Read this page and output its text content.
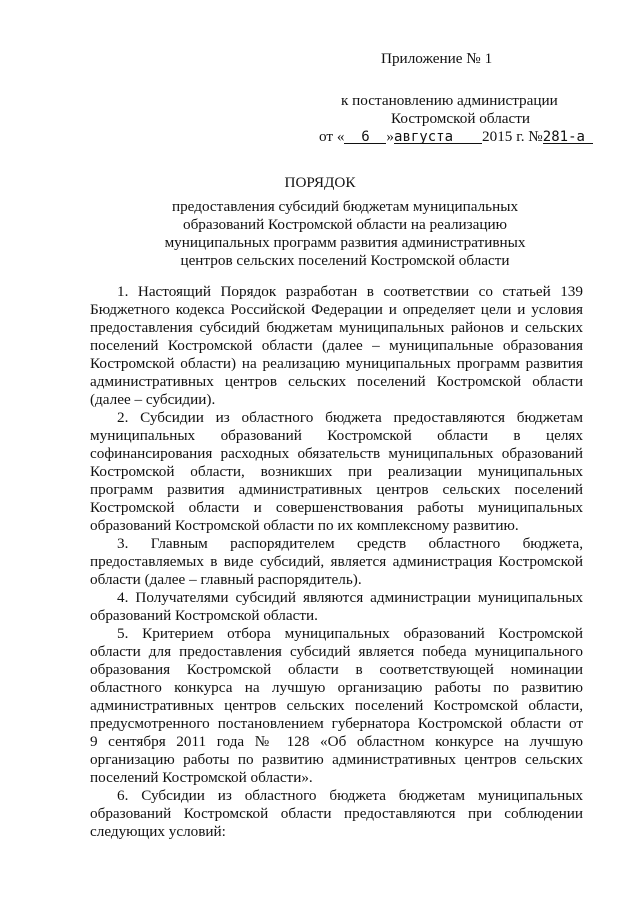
Приложение № 1
к постановлению администрации
Костромской области
от « 6 »августа 2015 г. №281-а
ПОРЯДОК
предоставления субсидий бюджетам муниципальных
образований Костромской области на реализацию
муниципальных программ развития административных
центров сельских поселений Костромской области
1. Настоящий Порядок разработан в соответствии со статьей 139
Бюджетного кодекса Российской Федерации и определяет цели и условия
предоставления субсидий бюджетам муниципальных районов и сельских
поселений Костромской области (далее – муниципальные образования
Костромской области) на реализацию муниципальных программ развития
административных центров сельских поселений Костромской области
(далее – субсидии).
2. Субсидии из областного бюджета предоставляются бюджетам
муниципальных образований Костромской области в целях
софинансирования расходных обязательств муниципальных образований
Костромской области, возникших при реализации муниципальных
программ развития административных центров сельских поселений
Костромской области и совершенствования работы муниципальных
образований Костромской области по их комплексному развитию.
3. Главным распорядителем средств областного бюджета,
предоставляемых в виде субсидий, является администрация Костромской
области (далее – главный распорядитель).
4. Получателями субсидий являются администрации муниципальных
образований Костромской области.
5. Критерием отбора муниципальных образований Костромской
области для предоставления субсидий является победа муниципального
образования Костромской области в соответствующей номинации
областного конкурса на лучшую организацию работы по развитию
административных центров сельских поселений Костромской области,
предусмотренного постановлением губернатора Костромской области от
9 сентября 2011 года № 128 «Об областном конкурсе на лучшую
организацию работы по развитию административных центров сельских
поселений Костромской области».
6. Субсидии из областного бюджета бюджетам муниципальных
образований Костромской области предоставляются при соблюдении
следующих условий:
